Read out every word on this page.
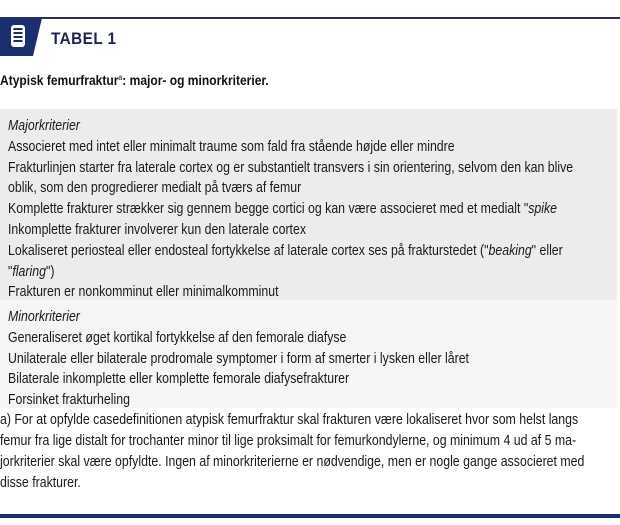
TABEL 1
Atypisk femurfraktur$^a$: major- og minorkriterier.
Majorkriterier
Associeret med intet eller minimalt traume som fald fra stående højde eller mindre
Frakturlinjen starter fra laterale cortex og er substantielt transvers i sin orientering, selvom den kan blive
oblik, som den progredierer medialt på tværs af femur
Komplette frakturer strækker sig gennem begge cortici og kan være associeret med et medialt "spike
Inkomplette frakturer involverer kun den laterale cortex
Lokaliseret periosteal eller endosteal fortykkelse af laterale cortex ses på frakturstedet ("beaking" eller
"flaring")
Frakturen er nonkomminut eller minimalkomminut
Minorkriterier
Generaliseret øget kortikal fortykkelse af den femorale diafyse
Unilaterale eller bilaterale prodromale symptomer i form af smerter i lysken eller låret
Bilaterale inkomplette eller komplette femorale diafysefrakturer
Forsinket frakturheling
a) For at opfylde casedefinitionen atypisk femurfraktur skal frakturen være lokaliseret hvor som helst langs
femur fra lige distalt for trochanter minor til lige proksimalt for femurkondylerne, og minimum 4 ud af 5 ma-
jorkriterier skal være opfyldte. Ingen af minorkriterierne er nødvendige, men er nogle gange associeret med
disse frakturer.
